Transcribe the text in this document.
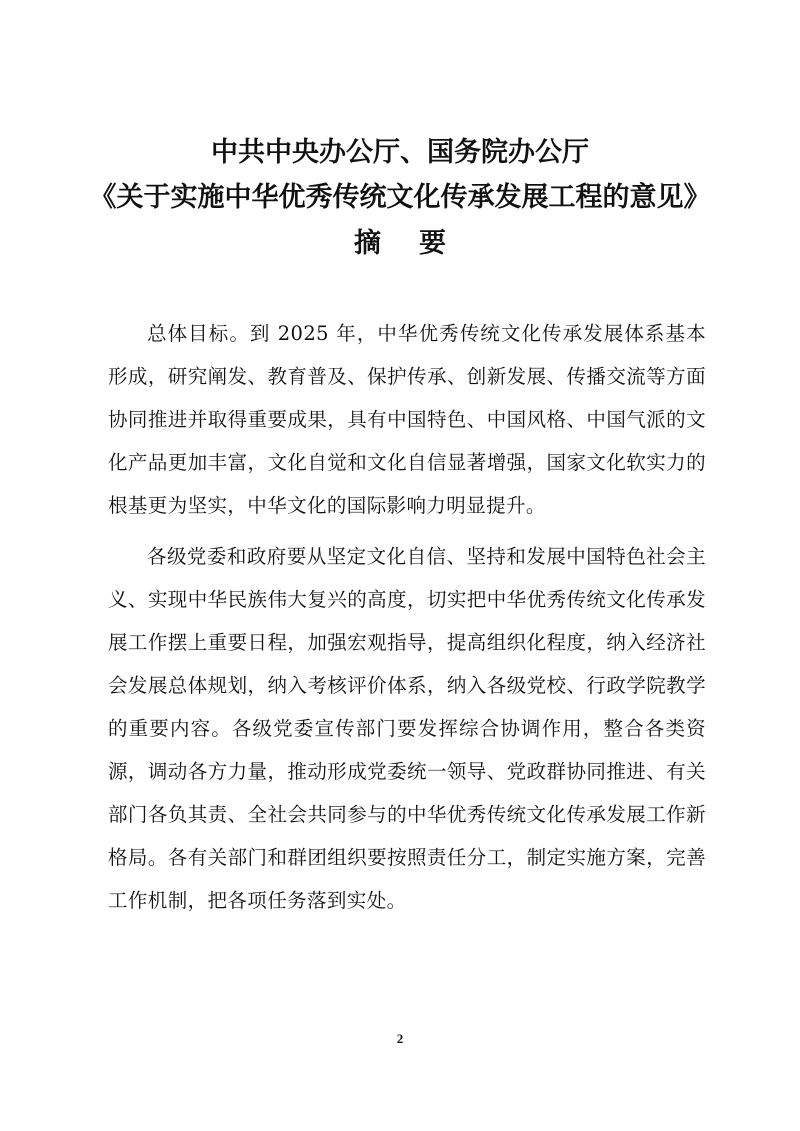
中共中央办公厅、国务院办公厅
《关于实施中华优秀传统文化传承发展工程的意见》
摘要

总体目标。到 2025 年，中华优秀传统文化传承发展体系基本形成，研究阐发、教育普及、保护传承、创新发展、传播交流等方面协同推进并取得重要成果，具有中国特色、中国风格、中国气派的文化产品更加丰富，文化自觉和文化自信显著增强，国家文化软实力的根基更为坚实，中华文化的国际影响力明显提升。

各级党委和政府要从坚定文化自信、坚持和发展中国特色社会主义、实现中华民族伟大复兴的高度，切实把中华优秀传统文化传承发展工作摆上重要日程，加强宏观指导，提高组织化程度，纳入经济社会发展总体规划，纳入考核评价体系，纳入各级党校、行政学院教学的重要内容。各级党委宣传部门要发挥综合协调作用，整合各类资源，调动各方力量，推动形成党委统一领导、党政群协同推进、有关部门各负其责、全社会共同参与的中华优秀传统文化传承发展工作新格局。各有关部门和群团组织要按照责任分工，制定实施方案，完善工作机制，把各项任务落到实处。

2
